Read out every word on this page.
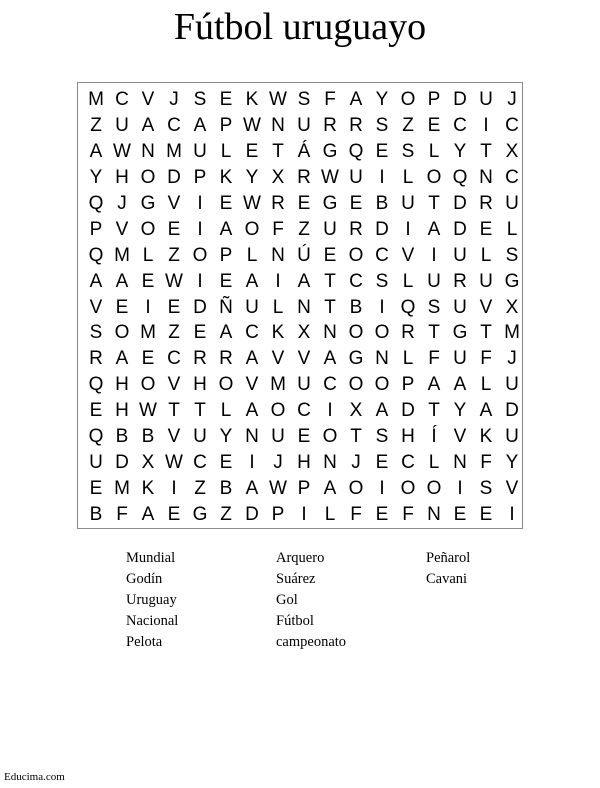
Fútbol uruguayo
M C V J S E K W S F A Y O P D U J
Z U A C A P W N U R R S Z E C I C
A W N M U L E T Á G Q E S L Y T X
Y H O D P K Y X R W U I L O Q N C
Q J G V I E W R E G E B U T D R U
P V O E I A O F Z U R D I A D E L
Q M L Z O P L N Ú E O C V I U L S
A A E W I E A I A T C S L U R U G
V E I E D Ñ U L N T B I Q S U V X
S O M Z E A C K X N O O R T G T M
R A E C R R A V V A G N L F U F J
Q H O V H O V M U C O O P A A L U
E H W T T L A O C I X A D T Y A D
Q B B V U Y N U E O T S H Í V K U
U D X W C E I J H N J E C L N F Y
E M K I Z B A W P A O I O O I S V
B F A E G Z D P I L F E F N E E I
Mundial
Godín
Uruguay
Nacional
Pelota
Arquero
Suárez
Gol
Fútbol
campeonato
Peñarol
Cavani
Educima.com
